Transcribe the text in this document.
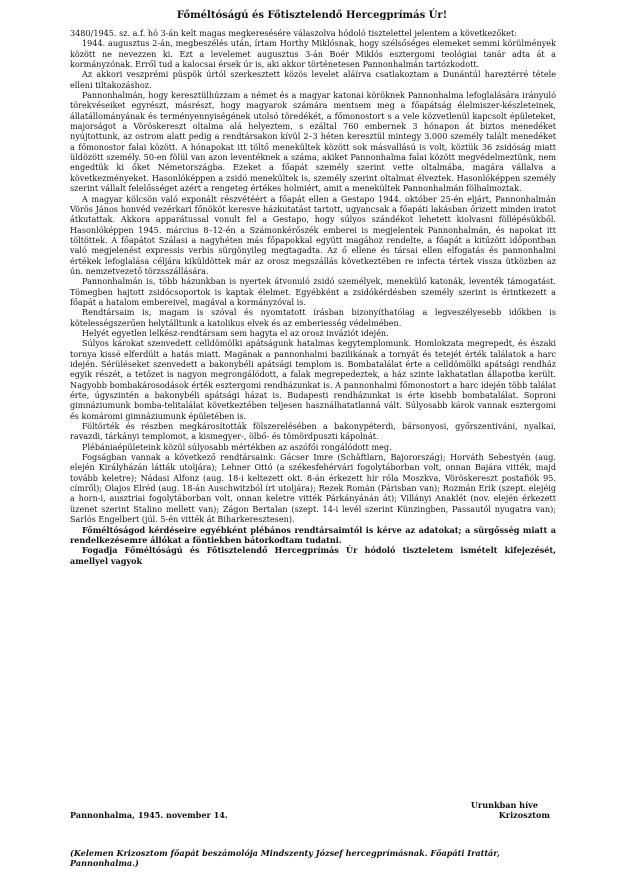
Főméltóságú és Főtisztelendő Hercegprímás Úr!

3480/1945. sz. a.f. hó 3-án kelt magas megkeresésére válaszolva hódoló tisztelettel jelentem a következőket:

1944. augusztus 2-án, megbeszélés után, írtam Horthy Miklósnak, hogy szélsőséges elemeket semmi körülmények között ne nevezzen ki. Ezt a levelemet augusztus 3-án Boér Miklós esztergomi teológiai tanár adta át a kormányzónak. Erről tud a kalocsai érsek úr is, aki akkor történetesen Pannonhalmán tartózkodott.

Az akkori veszprémi püspök úrtól szerkesztett közös levelet aláírva csatlakoztam a Dunántúl hareztérré tétele elleni tiltakozáshoz.

Pannonhalmán, hogy keresztülhúzzam a német és a magyar katonai köröknek Pannonhalma lefoglalására irányuló törekvéseiket egyrészt, másrészt, hogy magyarok számára mentsem meg a főapátság élelmiszer-készleteinek, állatállományának és terményennyiségének utolsó töredékét, a főmonostort s a vele közvetlenül kapcsolt épületeket, majorságot a Vöröskereszt oltalma alá helyeztem, s ezáltal 760 embernek 3 hónapon át biztos menedéket nyújtottunk, az ostrom alatt pedig a rendtársakon kívül 2–3 héten keresztül mintegy 3.000 személy talált menedéket a főmonostor falai között. A hónapokat itt töltő menekültek között sok másvallású is volt, köztük 36 zsidóság miatt üldözött személy. 50-en fölül van azon leventéknek a száma, akiket Pannonhalma falai között megvédelmeztünk, nem engedtük ki őket Németországba. Ezeket a főapát személy szerint vette oltalmába, magára vállalva a következményeket. Hasonlóképpen a zsidó menekültek is, személy szerint oltalmat élveztek. Hasonlóképpen személy szerint vállalt felelősséget azért a rengeteg értékes holmiért, amit a menekültek Pannonhalmán fölhalmoztak.

A magyar kölcsön való exponált részvétéért a főapát ellen a Gestapo 1944. október 25-én eljárt, Pannonhalmán Vörös János honvéd vezérkari főnököt keresve házkutatást tartott, ugyancsak a főapáti lakásban őrizett minden iratot átkutattak. Akkora apparátussal vonult fel a Gestapo, hogy súlyos szándékot lehetett kiolvasni föllépésükből. Hasonlóképpen 1945. március 8–12-én a Számonkérőszék emberei is megjelentek Pannonhalmán, és napokat itt töltöttek. A főapátot Szálasi a nagyhéten más főpapokkal együtt magához rendelte, a főapát a kitűzött időpontban való megjelenést expressis verbis sürgönyileg megtagadta. Az ő ellene és társai ellen elfogatás és pannonhalmi értékek lefoglalása céljára kiküldöttek már az orosz megszállás következtében re infecta tértek vissza ütközben az ún. nemzetvezető törzsszállására.

Pannonhalmán is, több házunkban is nyertek átvonuló zsidó személyek, menekülő katonák, leventék támogatást. Tömegben hajtott zsidócsoportok is kaptak élelmet. Egyébként a zsidókérdésben személy szerint is érintkezett a főapát a hatalom embereivel, magával a kormányzóval is.

Rendtársaim is, magam is szóval és nyomtatott írásban bizonyíthatólag a legveszélyesebb időkben is kötelességszerűen helytálltunk a katolikus elvek és az emberiesség védelmében.

Helyét egyetlen lelkész-rendtársam sem hagyta el az orosz inváziót idején.

Súlyos károkat szenvedett celldömölki apátságunk hatalmas kegytemplomunk. Homlokzata megrepedt, és északi tornya kissé elferdült a hatás miatt. Magának a pannonhalmi bazilikának a tornyát és tetejét érték találatok a harc idején. Sérüléseket szenvedett a bakonybéli apátsági templom is. Bombatalálat érte a celldömölki apátsági rendház egyik részét, a tetőzet is nagyon megrongálódott, a falak megrepedeztek, a ház szinte lakhatatlan állapotba került. Nagyobb bombakárosodások érték esztergomi rendházunkat is. A pannonhalmi főmonostort a harc idején több találat érte, úgyszintén a bakonybéli apátsági házat is. Budapesti rendházunkat is érte kisebb bombatalálat. Soproni gimnáziumunk bomba-telitalálat következtében teljesen használhatatlanná vált. Súlyosabb károk vannak esztergomi és komáromi gimnáziumunk épületében is.

Föltörték és részben megkárosították fölszerelésében a bakonypéterdi, bársonyosi, győrszentiváni, nyalkai, ravazdi, tárkányi templomot, a kismegyer-, ölbő- és tömördpuszti kápolnát.

Plébániaépületeink közül súlyosabb mértékben az aszófői rongálódott meg.

Fogságban vannak a következő rendtársaink: Gácser Imre (Schäftlarn, Bajorország); Horváth Sebestyén (aug. elején Királyházán látták utoljára); Lehner Ottó (a székesfehérvári fogolytáborban volt, onnan Bajára vitték, majd tovább keletre); Nádasi Alfonz (aug. 18-i keltezett okt. 8-án érkezett hír róla Moszkva, Vöröskereszt postafiók 95. címről); Olajos Elréd (aug. 18-án Auschwitzból írt utoljára); Rezek Román (Párisban van); Rozmán Erik (szept. elejéig a horn-i, ausztriai fogolytáborban volt, onnan keletre vitték Párkányánán át); Villányi Anaklét (nov. elején érkezett üzenet szerint Stalino mellett van); Zágon Bertalan (szept. 14-i levél szerint Künzingben, Passautól nyugatra van); Sarlós Engelbert (júl. 5-én vitték át Biharkeresztesen).

Főméltóságod kérdéseire egyébként plébános rendtársaimtól is kérve az adatokat; a sürgősség miatt a rendelkezésemre állókat a föntiekben bátorkodtam tudatni.

Fogadja Főméltóságú és Főtisztelendő Hercegprímás Úr hódoló tiszteletem ismételt kifejezését, amellyel vagyok

Urunkban híve
Pannonhalma, 1945. november 14.	Krizosztom
(Kelemen Krizosztom főapát beszámolója Mindszenty József hercegprímásnak. Főapáti Irattár, Pannonhalma.)
